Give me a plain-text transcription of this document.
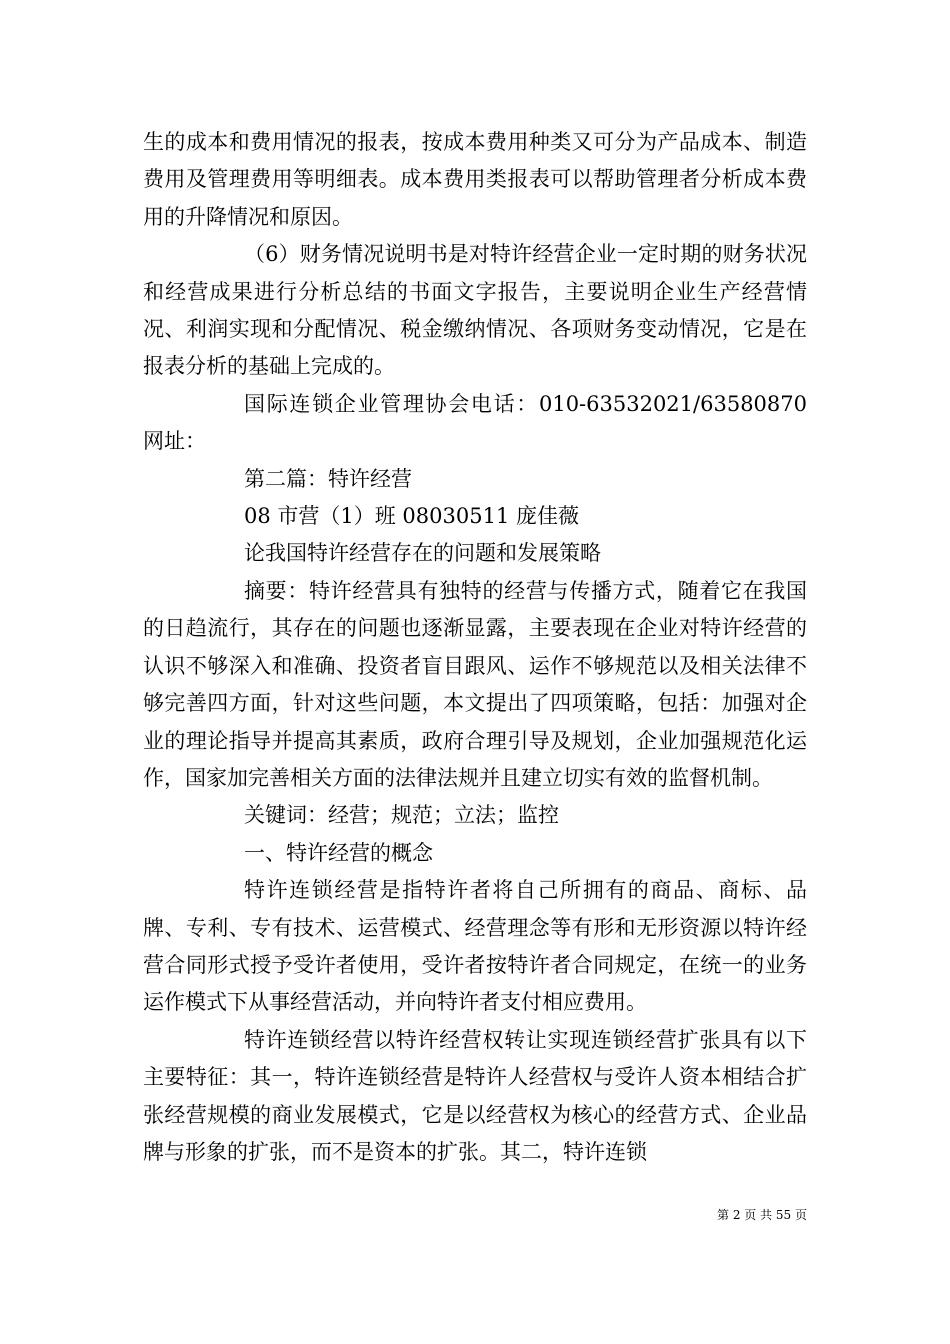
生的成本和费用情况的报表，按成本费用种类又可分为产品成本、制造费用及管理费用等明细表。成本费用类报表可以帮助管理者分析成本费用的升降情况和原因。

（6）财务情况说明书是对特许经营企业一定时期的财务状况和经营成果进行分析总结的书面文字报告，主要说明企业生产经营情况、利润实现和分配情况、税金缴纳情况、各项财务变动情况，它是在报表分析的基础上完成的。

国际连锁企业管理协会电话：010-63532021/63580870 网址：

第二篇：特许经营

08 市营（1）班 08030511 庞佳薇

论我国特许经营存在的问题和发展策略

摘要：特许经营具有独特的经营与传播方式，随着它在我国的日趋流行，其存在的问题也逐渐显露，主要表现在企业对特许经营的认识不够深入和准确、投资者盲目跟风、运作不够规范以及相关法律不够完善四方面，针对这些问题，本文提出了四项策略，包括：加强对企业的理论指导并提高其素质，政府合理引导及规划，企业加强规范化运作，国家加完善相关方面的法律法规并且建立切实有效的监督机制。

关键词：经营；规范；立法；监控

一、特许经营的概念

特许连锁经营是指特许者将自己所拥有的商品、商标、品牌、专利、专有技术、运营模式、经营理念等有形和无形资源以特许经营合同形式授予受许者使用，受许者按特许者合同规定，在统一的业务运作模式下从事经营活动，并向特许者支付相应费用。

特许连锁经营以特许经营权转让实现连锁经营扩张具有以下主要特征：其一，特许连锁经营是特许人经营权与受许人资本相结合扩张经营规模的商业发展模式，它是以经营权为核心的经营方式、企业品牌与形象的扩张，而不是资本的扩张。其二，特许连锁

第 2 页 共 55 页
